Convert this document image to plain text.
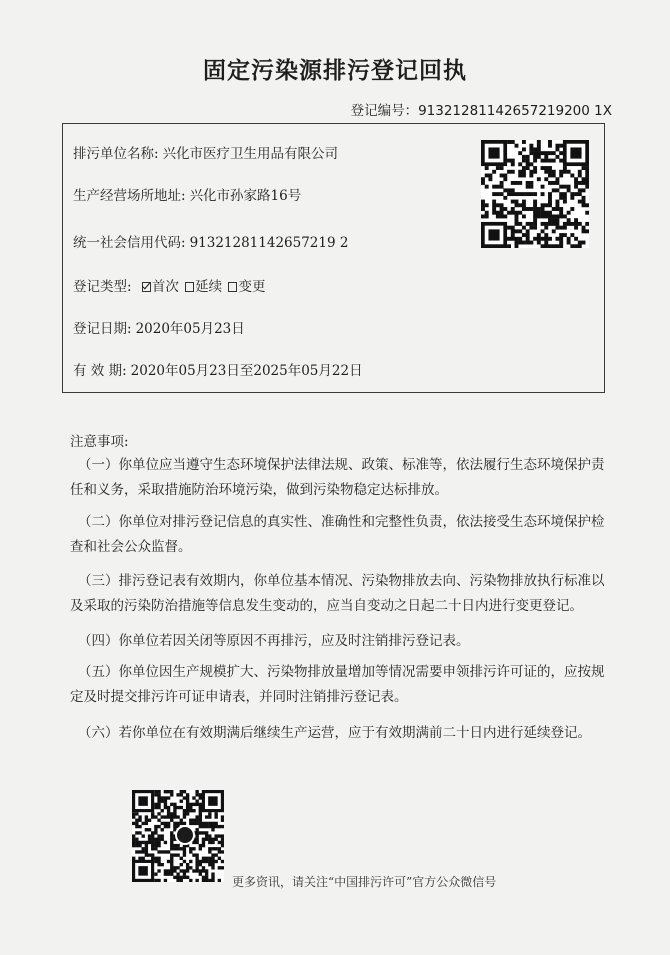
固定污染源排污登记回执
登记编号：91321281142657219200 1X
排污单位名称: 兴化市医疗卫生用品有限公司
生产经营场所地址: 兴化市孙家路16号
统一社会信用代码: 91321281142657219 2
登记类型: 首次 延续 变更
登记日期: 2020年05月23日
有 效 期: 2020年05月23日至2025年05月22日
注意事项:
（一）你单位应当遵守生态环境保护法律法规、政策、标准等，依法履行生态环境保护责任和义务，采取措施防治环境污染，做到污染物稳定达标排放。
（二）你单位对排污登记信息的真实性、准确性和完整性负责，依法接受生态环境保护检查和社会公众监督。
（三）排污登记表有效期内，你单位基本情况、污染物排放去向、污染物排放执行标准以及采取的污染防治措施等信息发生变动的，应当自变动之日起二十日内进行变更登记。
（四）你单位若因关闭等原因不再排污，应及时注销排污登记表。
（五）你单位因生产规模扩大、污染物排放量增加等情况需要申领排污许可证的，应按规定及时提交排污许可证申请表，并同时注销排污登记表。
（六）若你单位在有效期满后继续生产运营，应于有效期满前二十日内进行延续登记。
更多资讯，请关注“中国排污许可”官方公众微信号
